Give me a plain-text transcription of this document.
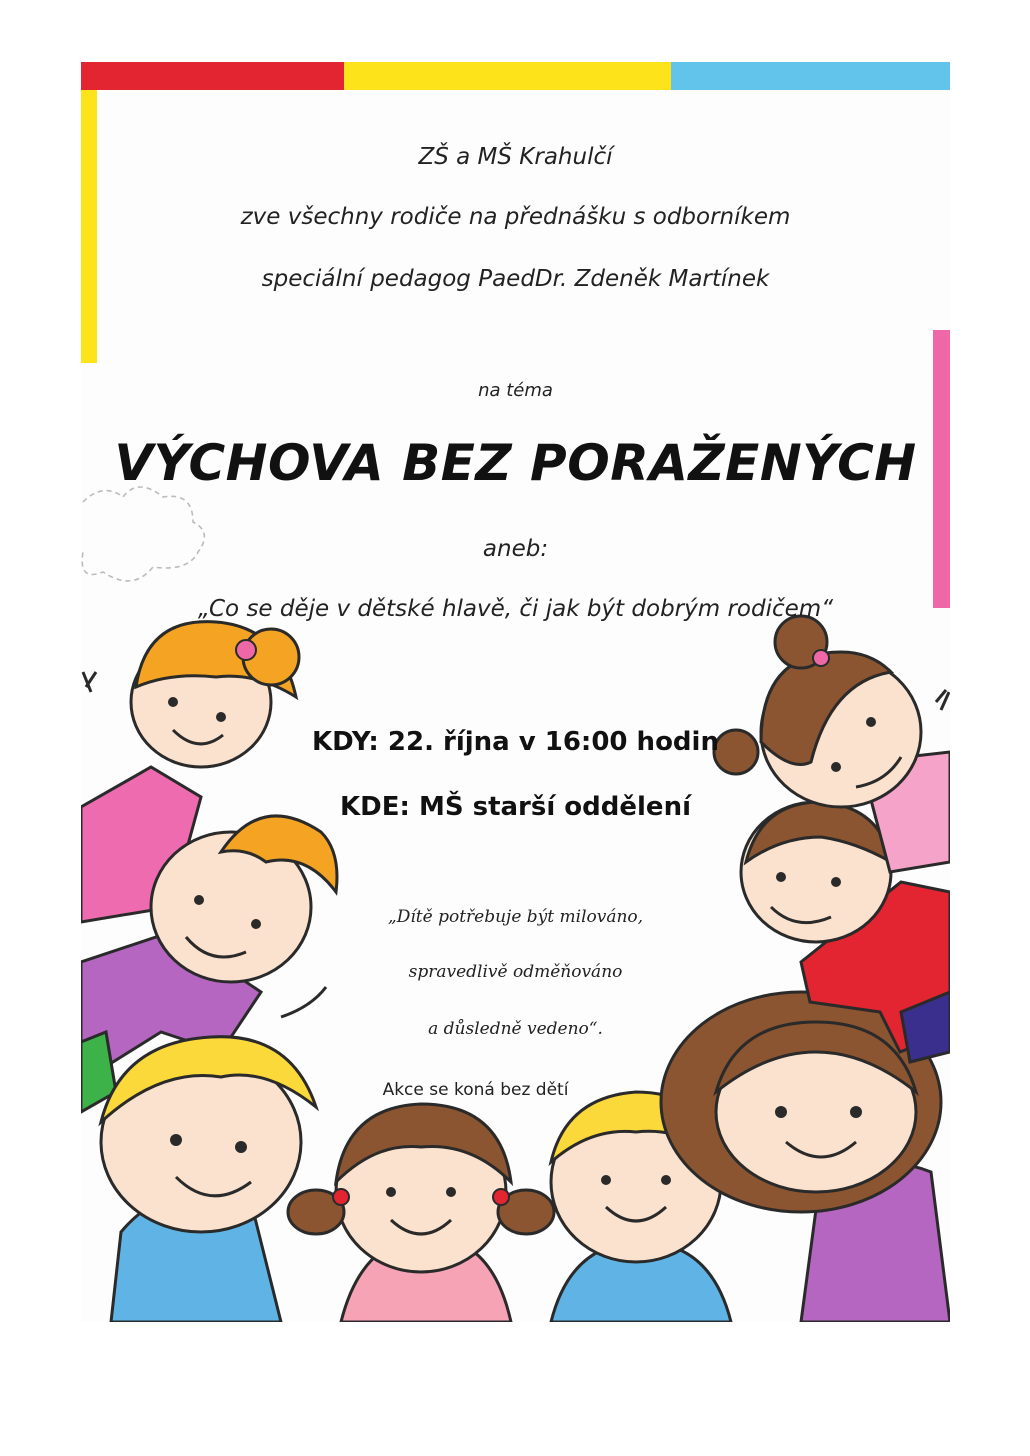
ZŠ a MŠ Krahulčí
zve všechny rodiče na přednášku s odborníkem
speciální pedagog PaedDr. Zdeněk Martínek
na téma
VÝCHOVA BEZ PORAŽENÝCH
aneb:
„Co se děje v dětské hlavě, či jak být dobrým rodičem“
KDY: 22. října v 16:00 hodin
KDE: MŠ starší oddělení
„Dítě potřebuje být milováno,
spravedlivě odměňováno
a důsledně vedeno“.
Akce se koná bez dětí
